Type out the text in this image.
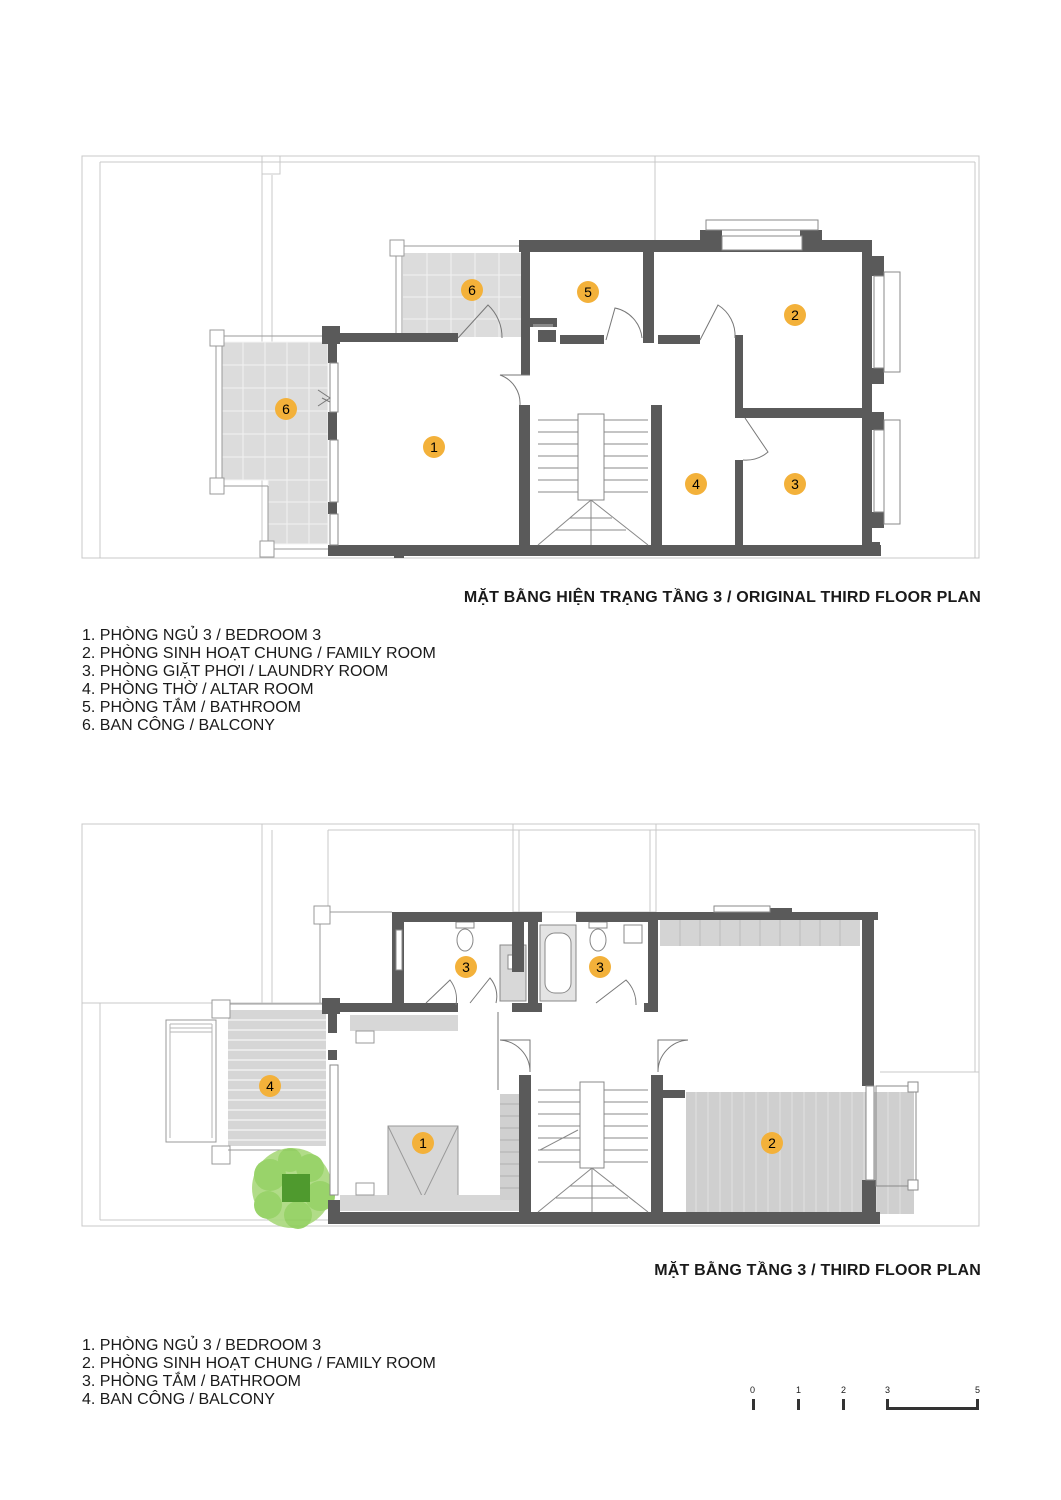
1
2
3
4
5
6
6
MẶT BẰNG HIỆN TRẠNG TẦNG 3 / ORIGINAL THIRD FLOOR PLAN
1. PHÒNG NGỦ 3 / BEDROOM 3
2. PHÒNG SINH HOẠT CHUNG / FAMILY ROOM
3. PHÒNG GIẶT PHƠI / LAUNDRY ROOM
4. PHÒNG THỜ / ALTAR ROOM
5. PHÒNG TẮM / BATHROOM
6. BAN CÔNG / BALCONY
1	2
3	3
4
MẶT BẰNG TẦNG 3 / THIRD FLOOR PLAN
1. PHÒNG NGỦ 3 / BEDROOM 3
2. PHÒNG SINH HOẠT CHUNG / FAMILY ROOM
3. PHÒNG TẮM / BATHROOM
4. BAN CÔNG / BALCONY
0	1	2	3	5
